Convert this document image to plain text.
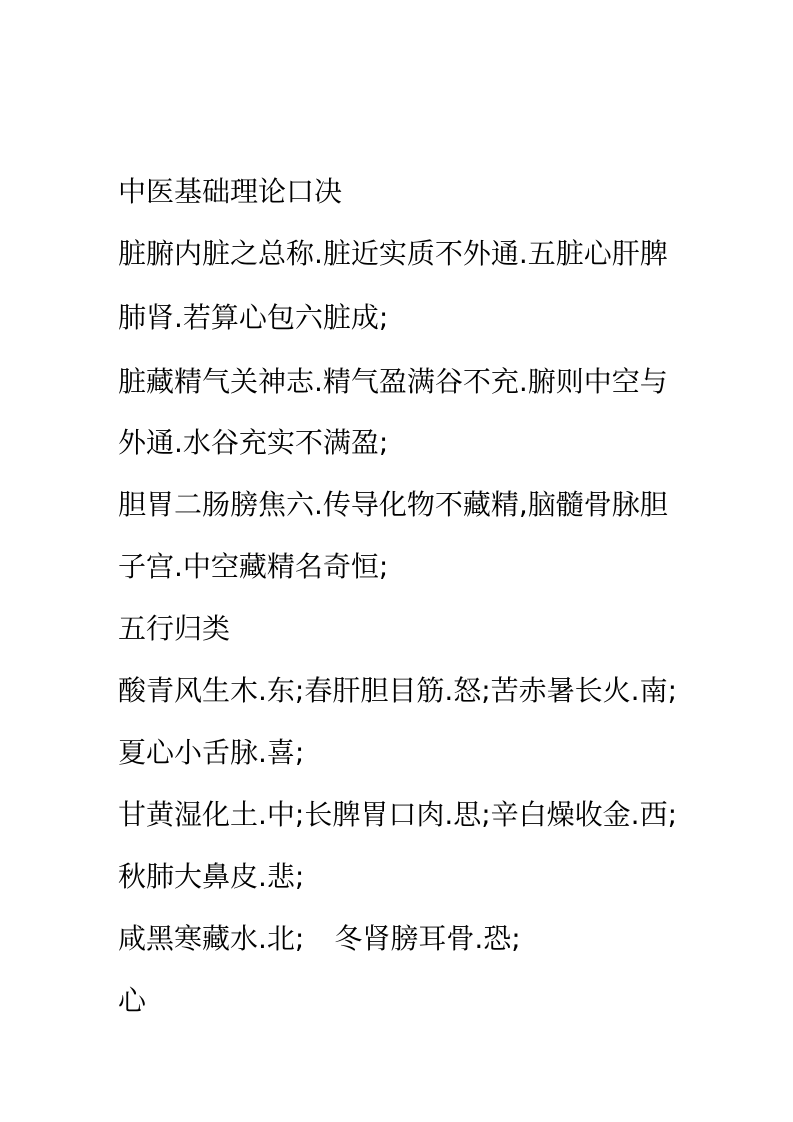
中医基础理论口决
脏腑内脏之总称.脏近实质不外通.五脏心肝脾
肺肾.若算心包六脏成;
脏藏精气关神志.精气盈满谷不充.腑则中空与
外通.水谷充实不满盈;
胆胃二肠膀焦六.传导化物不藏精,脑髓骨脉胆
子宫.中空藏精名奇恒;
五行归类
酸青风生木.东;春肝胆目筋.怒;苦赤暑长火.南;
夏心小舌脉.喜;
甘黄湿化土.中;长脾胃口肉.思;辛白燥收金.西;
秋肺大鼻皮.悲;
咸黑寒藏水.北; 冬肾膀耳骨.恐;
心
